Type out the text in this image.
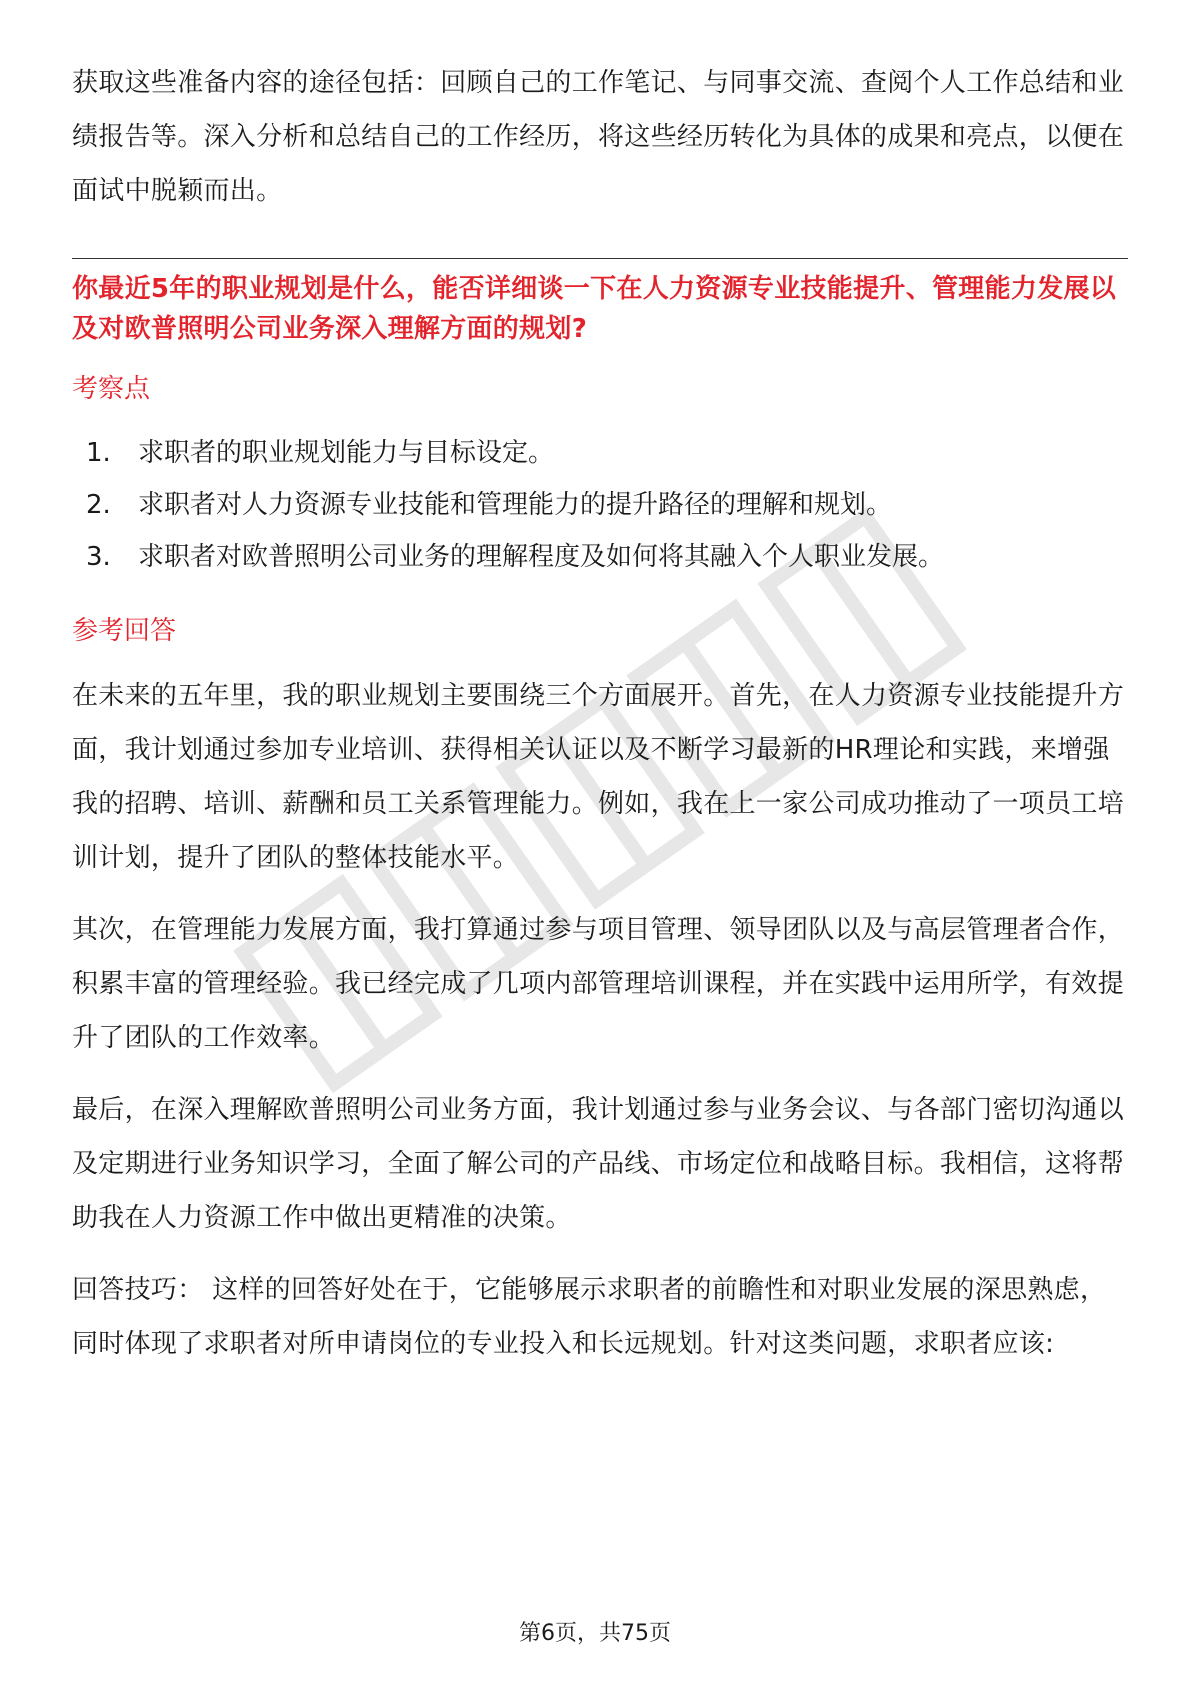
获取这些准备内容的途径包括：回顾自己的工作笔记、与同事交流、查阅个人工作总结和业绩报告等。深入分析和总结自己的工作经历，将这些经历转化为具体的成果和亮点，以便在面试中脱颖而出。

你最近5年的职业规划是什么，能否详细谈一下在人力资源专业技能提升、管理能力发展以及对欧普照明公司业务深入理解方面的规划?

考察点
1.	求职者的职业规划能力与目标设定。
2.	求职者对人力资源专业技能和管理能力的提升路径的理解和规划。
3.	求职者对欧普照明公司业务的理解程度及如何将其融入个人职业发展。
参考回答

在未来的五年里，我的职业规划主要围绕三个方面展开。首先，在人力资源专业技能提升方面，我计划通过参加专业培训、获得相关认证以及不断学习最新的HR理论和实践，来增强我的招聘、培训、薪酬和员工关系管理能力。例如，我在上一家公司成功推动了一项员工培训计划，提升了团队的整体技能水平。

其次，在管理能力发展方面，我打算通过参与项目管理、领导团队以及与高层管理者合作，积累丰富的管理经验。我已经完成了几项内部管理培训课程，并在实践中运用所学，有效提升了团队的工作效率。

最后，在深入理解欧普照明公司业务方面，我计划通过参与业务会议、与各部门密切沟通以及定期进行业务知识学习，全面了解公司的产品线、市场定位和战略目标。我相信，这将帮助我在人力资源工作中做出更精准的决策。

回答技巧： 这样的回答好处在于，它能够展示求职者的前瞻性和对职业发展的深思熟虑，同时体现了求职者对所申请岗位的专业投入和长远规划。针对这类问题，求职者应该:

第6页，共75页
